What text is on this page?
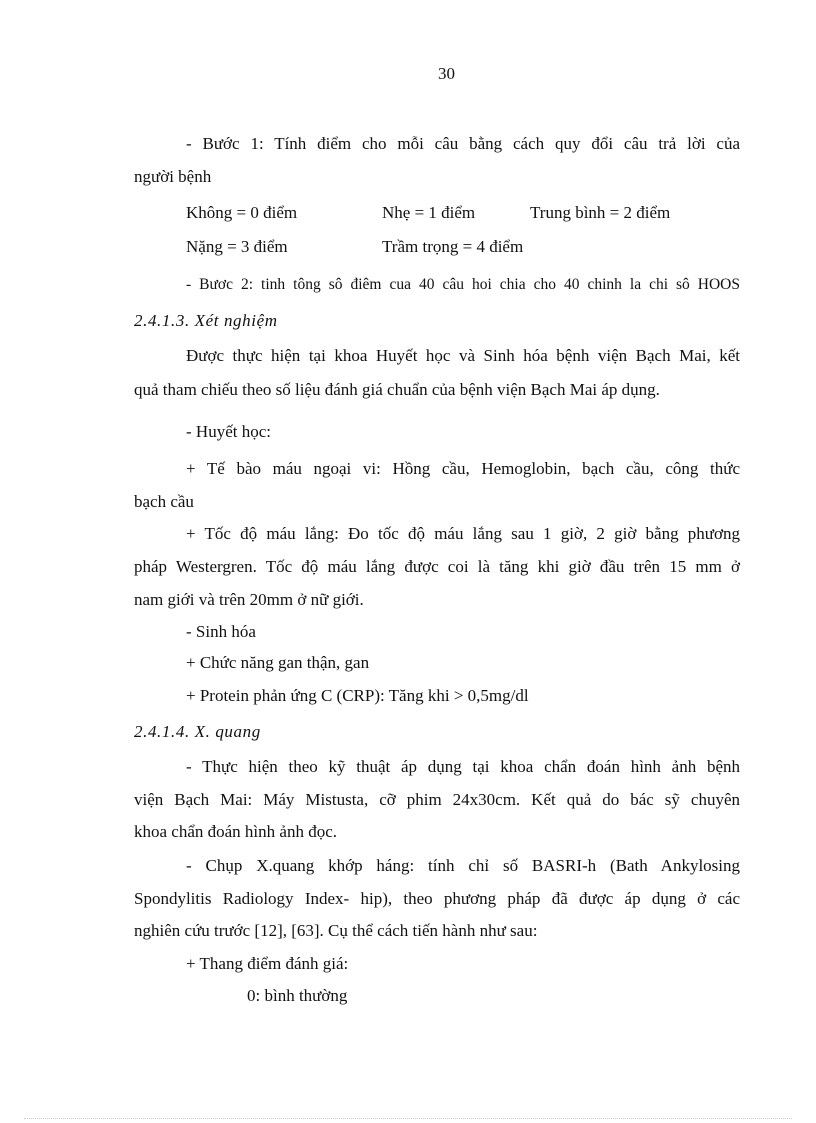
30
- Bước 1: Tính điểm cho mỗi câu bằng cách quy đổi câu trả lời của
người bệnh
Không = 0 điểm	Nhẹ = 1 điểm	Trung bình = 2 điểm
Nặng = 3 điểm	Trầm trọng = 4 điểm
- Bươc 2: tinh tông sô điêm cua 40 câu hoi chia cho 40 chinh la chi sô HOOS
2.4.1.3. Xét nghiệm
Được thực hiện tại khoa Huyết học và Sinh hóa bệnh viện Bạch Mai, kết
quả tham chiếu theo số liệu đánh giá chuẩn của bệnh viện Bạch Mai áp dụng.
- Huyết học:
+ Tế bào máu ngoại vi: Hồng cầu, Hemoglobin, bạch cầu, công thức
bạch cầu
+ Tốc độ máu lắng: Đo tốc độ máu lắng sau 1 giờ, 2 giờ bằng phương
pháp Westergren. Tốc độ máu lắng được coi là tăng khi giờ đầu trên 15 mm ở
nam giới và trên 20mm ở nữ giới.
- Sinh hóa
+ Chức năng gan thận, gan
+ Protein phản ứng C (CRP): Tăng khi > 0,5mg/dl
2.4.1.4. X. quang
- Thực hiện theo kỹ thuật áp dụng tại khoa chẩn đoán hình ảnh bệnh
viện Bạch Mai: Máy Mistusta, cỡ phim 24x30cm. Kết quả do bác sỹ chuyên
khoa chẩn đoán hình ảnh đọc.
- Chụp X.quang khớp háng: tính chỉ số BASRI-h (Bath Ankylosing
Spondylitis Radiology Index- hip), theo phương pháp đã được áp dụng ở các
nghiên cứu trước [12], [63]. Cụ thể cách tiến hành như sau:
+ Thang điểm đánh giá:
0: bình thường
